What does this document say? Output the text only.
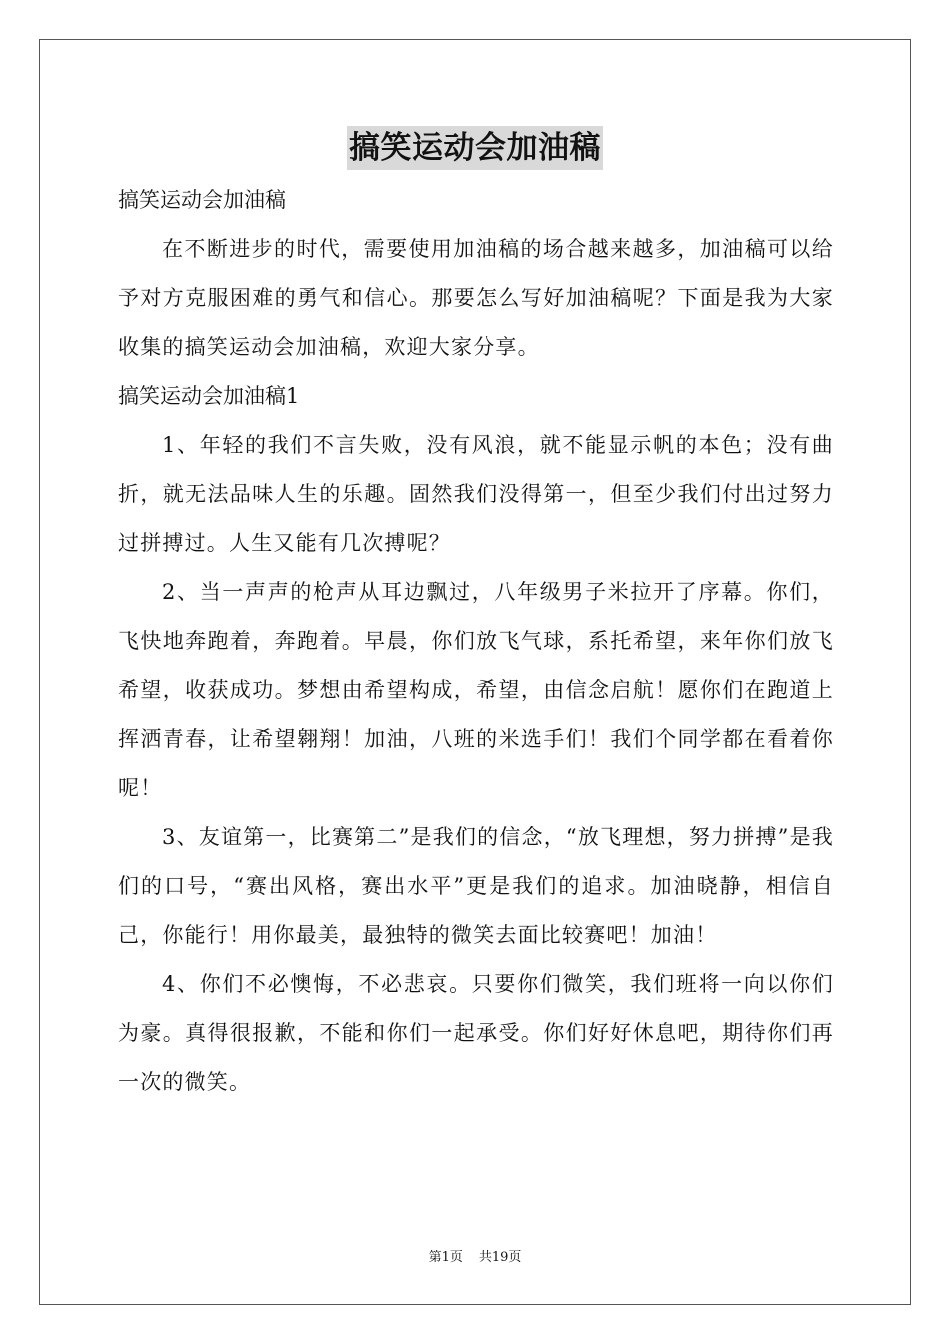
搞笑运动会加油稿

搞笑运动会加油稿

在不断进步的时代，需要使用加油稿的场合越来越多，加油稿可以给予对方克服困难的勇气和信心。那要怎么写好加油稿呢？下面是我为大家收集的搞笑运动会加油稿，欢迎大家分享。

搞笑运动会加油稿1

1、年轻的我们不言失败，没有风浪，就不能显示帆的本色；没有曲折，就无法品味人生的乐趣。固然我们没得第一，但至少我们付出过努力过拼搏过。人生又能有几次搏呢？

2、当一声声的枪声从耳边飘过，八年级男子米拉开了序幕。你们，飞快地奔跑着，奔跑着。早晨，你们放飞气球，系托希望，来年你们放飞希望，收获成功。梦想由希望构成，希望，由信念启航！愿你们在跑道上挥洒青春，让希望翱翔！加油，八班的米选手们！我们个同学都在看着你呢！

3、友谊第一，比赛第二”是我们的信念，“放飞理想，努力拼搏”是我们的口号，“赛出风格，赛出水平”更是我们的追求。加油晓静，相信自己，你能行！用你最美，最独特的微笑去面比较赛吧！加油！

4、你们不必懊悔，不必悲哀。只要你们微笑，我们班将一向以你们为豪。真得很报歉，不能和你们一起承受。你们好好休息吧，期待你们再一次的微笑。

第1页 共19页
